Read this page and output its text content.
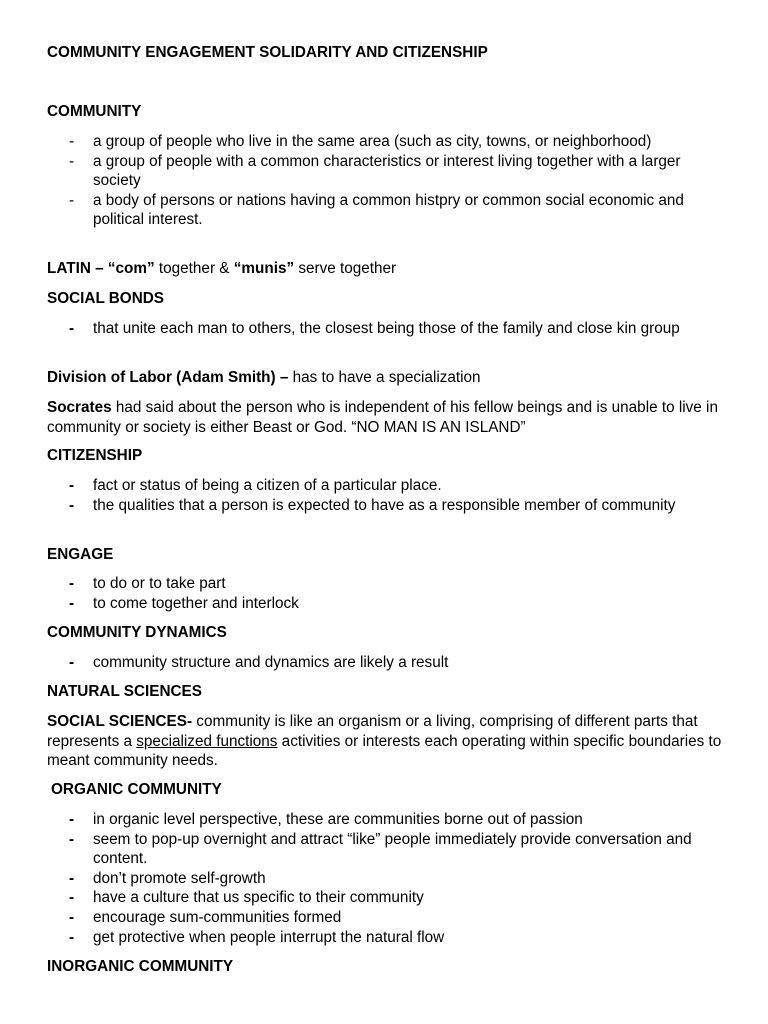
COMMUNITY ENGAGEMENT SOLIDARITY AND CITIZENSHIP
COMMUNITY
- a group of people who live in the same area (such as city, towns, or neighborhood)
- a group of people with a common characteristics or interest living together with a larger society
- a body of persons or nations having a common histpry or common social economic and political interest.
LATIN – “com” together & “munis” serve together
SOCIAL BONDS
- that unite each man to others, the closest being those of the family and close kin group
Division of Labor (Adam Smith) – has to have a specialization
Socrates had said about the person who is independent of his fellow beings and is unable to live in community or society is either Beast or God. “NO MAN IS AN ISLAND”
CITIZENSHIP
- fact or status of being a citizen of a particular place.
- the qualities that a person is expected to have as a responsible member of community
ENGAGE
- to do or to take part
- to come together and interlock
COMMUNITY DYNAMICS
- community structure and dynamics are likely a result
NATURAL SCIENCES
SOCIAL SCIENCES- community is like an organism or a living, comprising of different parts that represents a specialized functions activities or interests each operating within specific boundaries to meant community needs.
ORGANIC COMMUNITY
- in organic level perspective, these are communities borne out of passion
- seem to pop-up overnight and attract “like” people immediately provide conversation and content.
- don’t promote self-growth
- have a culture that us specific to their community
- encourage sum-communities formed
- get protective when people interrupt the natural flow
INORGANIC COMMUNITY
